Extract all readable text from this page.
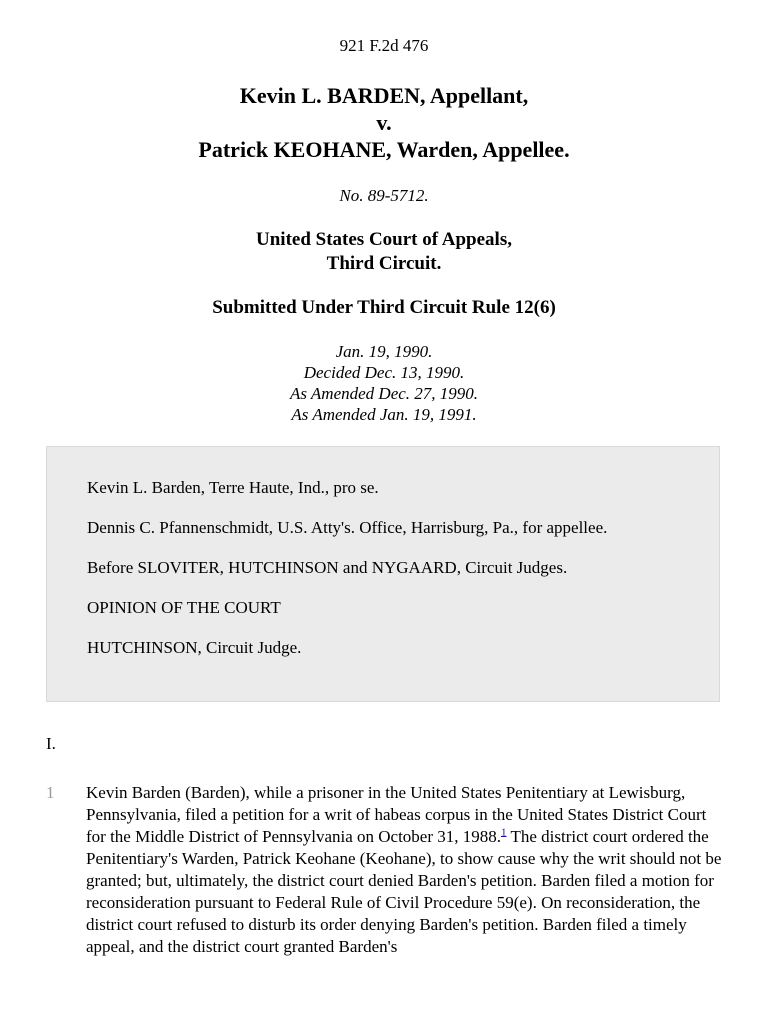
921 F.2d 476
Kevin L. BARDEN, Appellant,
v.
Patrick KEOHANE, Warden, Appellee.
No. 89-5712.
United States Court of Appeals,
Third Circuit.
Submitted Under Third Circuit Rule 12(6)
Jan. 19, 1990.
Decided Dec. 13, 1990.
As Amended Dec. 27, 1990.
As Amended Jan. 19, 1991.

Kevin L. Barden, Terre Haute, Ind., pro se.

Dennis C. Pfannenschmidt, U.S. Atty's. Office, Harrisburg, Pa., for appellee.

Before SLOVITER, HUTCHINSON and NYGAARD, Circuit Judges.

OPINION OF THE COURT

HUTCHINSON, Circuit Judge.

I.
1 Kevin Barden (Barden), while a prisoner in the United States Penitentiary at Lewisburg, Pennsylvania, filed a petition for a writ of habeas corpus in the United States District Court for the Middle District of Pennsylvania on October 31, 1988.$^1$ The district court ordered the Penitentiary's Warden, Patrick Keohane (Keohane), to show cause why the writ should not be granted; but, ultimately, the district court denied Barden's petition. Barden filed a motion for reconsideration pursuant to Federal Rule of Civil Procedure 59(e). On reconsideration, the district court refused to disturb its order denying Barden's petition. Barden filed a timely appeal, and the district court granted Barden's
